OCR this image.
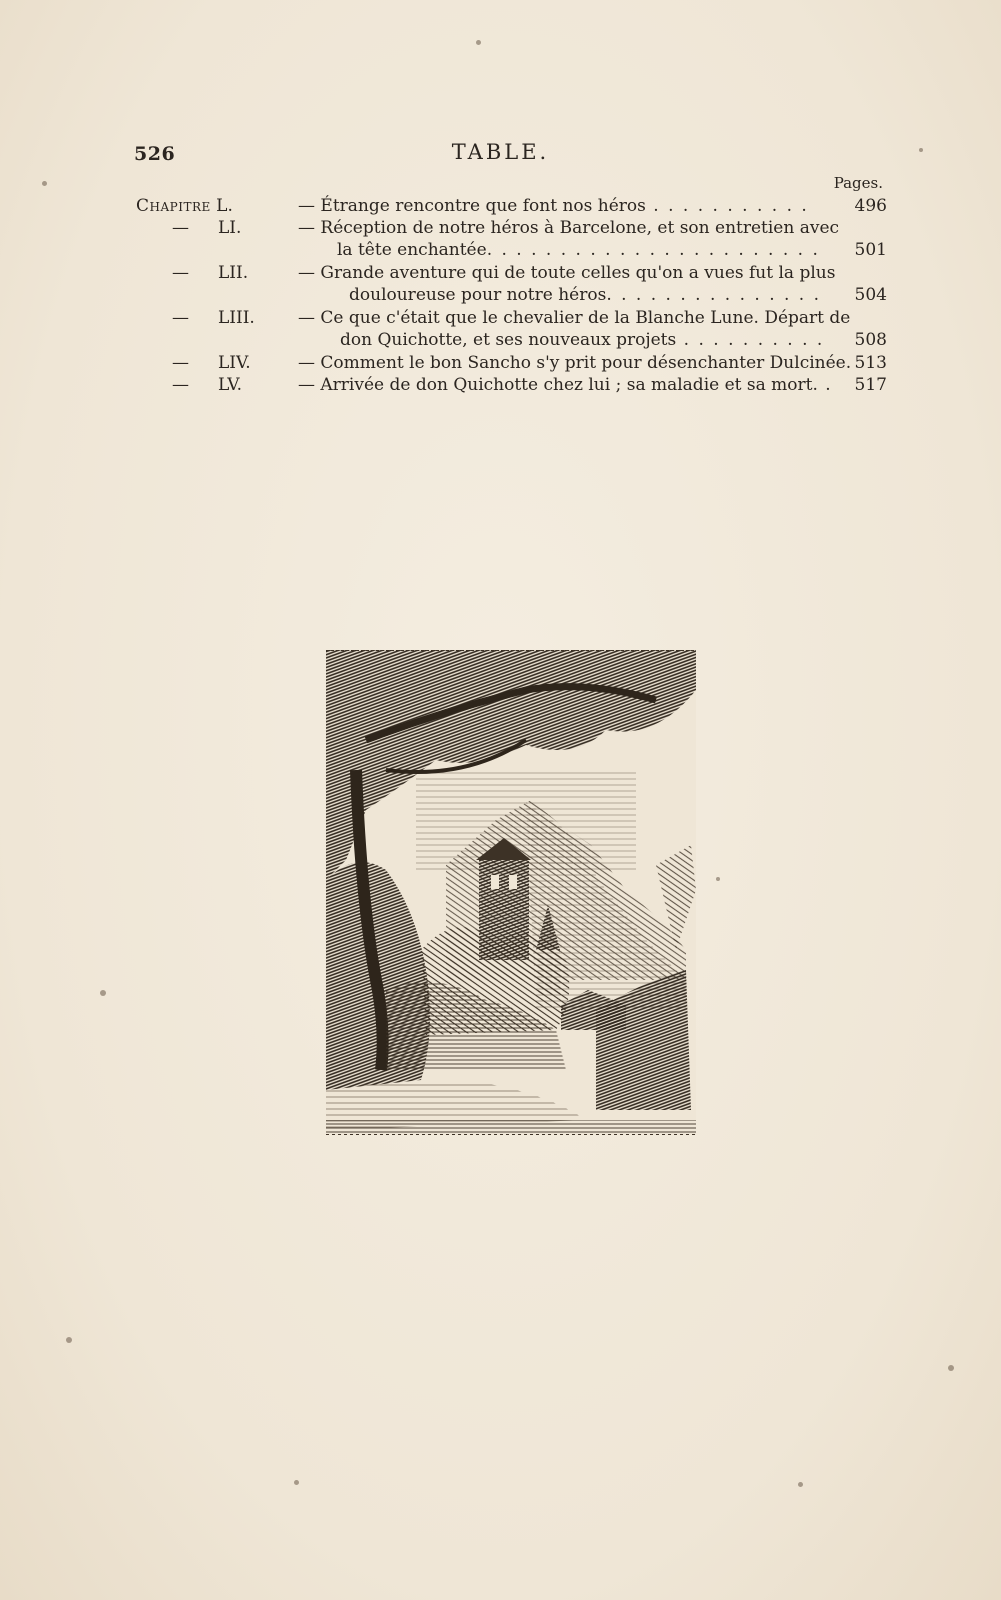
526	TABLE.
Pages.
Chapitre L.	— Étrange rencontre que font nos héros . . . . . . . . . . .	496
— LI.	— Réception de notre héros à Barcelone, et son entretien avec
la tête enchantée. . . . . . . . . . . . . . . . . . . . . . .	501
— LII.	— Grande aventure qui de toute celles qu'on a vues fut la plus
douloureuse pour notre héros. . . . . . . . . . . . . . .	504
— LIII.	— Ce que c'était que le chevalier de la Blanche Lune. Départ de
don Quichotte, et ses nouveaux projets . . . . . . . . . .	508
— LIV.	— Comment le bon Sancho s'y prit pour désenchanter Dulcinée. 513
— LV.	— Arrivée de don Quichotte chez lui ; sa maladie et sa mort. .	517
